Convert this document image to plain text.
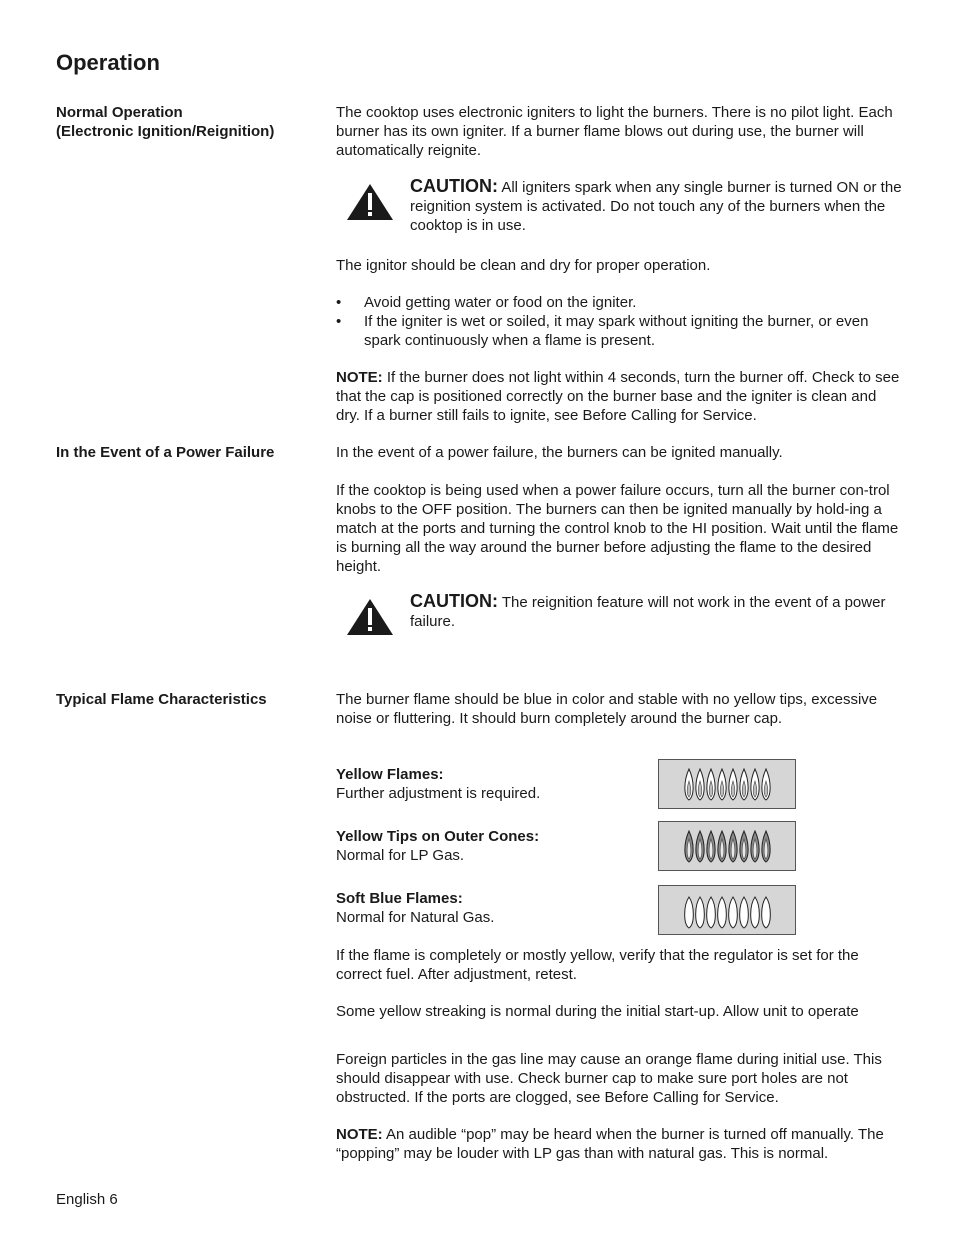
Operation
Normal Operation
(Electronic Ignition/Reignition)
The cooktop uses electronic igniters to light the burners. There is no pilot light. Each burner has its own igniter. If a burner flame blows out during use, the burner will automatically reignite.
CAUTION: All igniters spark when any single burner is turned ON or the reignition system is activated. Do not touch any of the burners when the cooktop is in use.
The ignitor should be clean and dry for proper operation.
• Avoid getting water or food on the igniter.
• If the igniter is wet or soiled, it may spark without igniting the burner, or even spark continuously when a flame is present.
NOTE: If the burner does not light within 4 seconds, turn the burner off. Check to see that the cap is positioned correctly on the burner base and the igniter is clean and dry. If a burner still fails to ignite, see Before Calling for Service.
In the Event of a Power Failure	In the event of a power failure, the burners can be ignited manually.
If the cooktop is being used when a power failure occurs, turn all the burner con-trol knobs to the OFF position. The burners can then be ignited manually by hold-ing a match at the ports and turning the control knob to the HI position. Wait until the flame is burning all the way around the burner before adjusting the flame to the desired height.
CAUTION: The reignition feature will not work in the event of a power failure.
Typical Flame Characteristics	The burner flame should be blue in color and stable with no yellow tips, excessive noise or fluttering. It should burn completely around the burner cap.
Yellow Flames:
Further adjustment is required.
Yellow Tips on Outer Cones:
Normal for LP Gas.
Soft Blue Flames:
Normal for Natural Gas.
If the flame is completely or mostly yellow, verify that the regulator is set for the correct fuel. After adjustment, retest.
Some yellow streaking is normal during the initial start-up. Allow unit to operate
Foreign particles in the gas line may cause an orange flame during initial use. This should disappear with use. Check burner cap to make sure port holes are not obstructed. If the ports are clogged, see Before Calling for Service.
NOTE: An audible “pop” may be heard when the burner is turned off manually. The “popping” may be louder with LP gas than with natural gas. This is normal.
English 6
